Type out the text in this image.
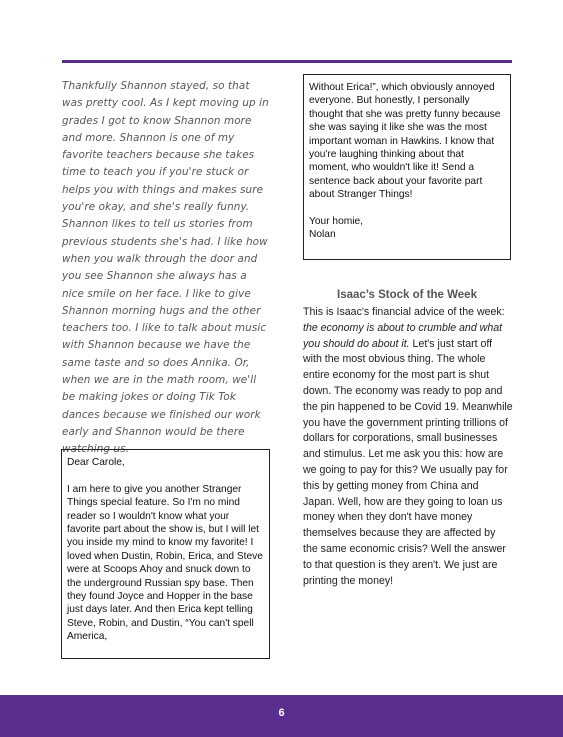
Thankfully Shannon stayed, so that was pretty cool. As I kept moving up in grades I got to know Shannon more and more. Shannon is one of my favorite teachers because she takes time to teach you if you're stuck or helps you with things and makes sure you're okay, and she's really funny. Shannon likes to tell us stories from previous students she's had. I like how when you walk through the door and you see Shannon she always has a nice smile on her face. I like to give Shannon morning hugs and the other teachers too. I like to talk about music with Shannon because we have the same taste and so does Annika. Or, when we are in the math room, we'll be making jokes or doing Tik Tok dances because we finished our work early and Shannon would be there watching us.

Dear Carole,

I am here to give you another Stranger Things special feature. So I'm no mind reader so I wouldn't know what your favorite part about the show is, but I will let you inside my mind to know my favorite! I loved when Dustin, Robin, Erica, and Steve were at Scoops Ahoy and snuck down to the underground Russian spy base. Then they found Joyce and Hopper in the base just days later. And then Erica kept telling Steve, Robin, and Dustin, “You can't spell America,

Without Erica!”, which obviously annoyed everyone. But honestly, I personally thought that she was pretty funny because she was saying it like she was the most important woman in Hawkins. I know that you're laughing thinking about that moment, who wouldn't like it! Send a sentence back about your favorite part about Stranger Things!

Your homie,
Nolan

Isaac’s Stock of the Week

This is Isaac's financial advice of the week: the economy is about to crumble and what you should do about it. Let's just start off with the most obvious thing. The whole entire economy for the most part is shut down. The economy was ready to pop and the pin happened to be Covid 19. Meanwhile you have the government printing trillions of dollars for corporations, small businesses and stimulus. Let me ask you this: how are we going to pay for this? We usually pay for this by getting money from China and Japan. Well, how are they going to loan us money when they don't have money themselves because they are affected by the same economic crisis? Well the answer to that question is they aren't. We just are printing the money!

6
